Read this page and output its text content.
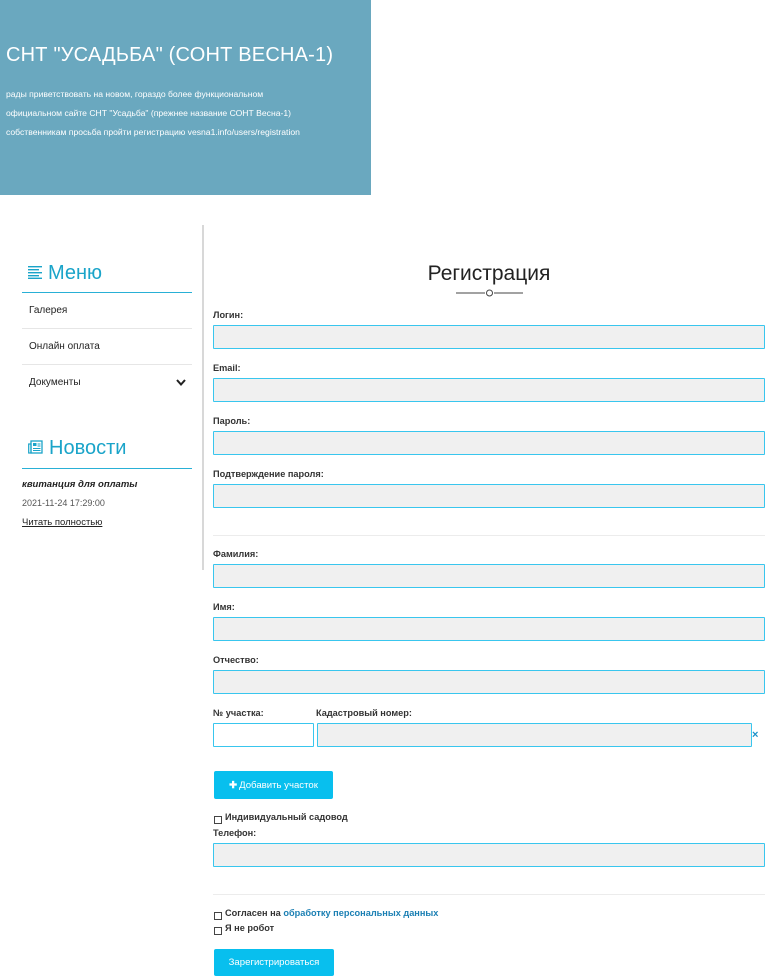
СНТ "УСАДЬБА" (СОНТ ВЕСНА-1)
рады приветствовать на новом, гораздо более функциональном
официальном сайте СНТ "Усадьба" (прежнее название СОНТ Весна-1)
собственникам просьба пройти регистрацию vesna1.info/users/registration
Меню
Галерея
Онлайн оплата
Документы
Новости
квитанция для оплаты
2021-11-24 17:29:00
Читать полностью
Регистрация
Логин:
Email:
Пароль:
Подтверждение пароля:
Фамилия:
Имя:
Отчество:
№ участка:	Кадастровый номер:
×
✚ Добавить участок
Индивидуальный садовод
Телефон:
Согласен на обработку персональных данных
Я не робот
Зарегистрироваться
